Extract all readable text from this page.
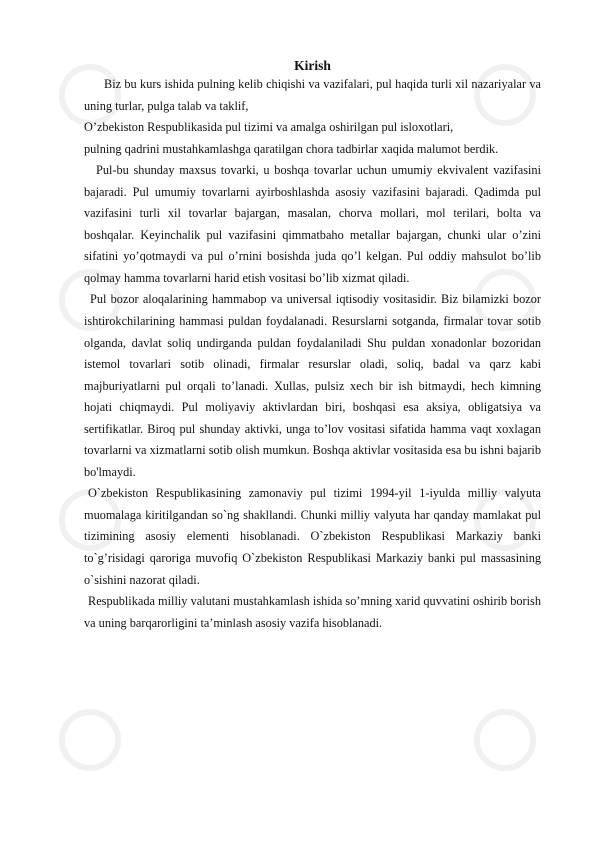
Kirish

Biz bu kurs ishida pulning kelib chiqishi va vazifalari, pul haqida turli xil nazariyalar va uning turlar, pulga talab va taklif,

O’zbekiston Respublikasida pul tizimi va amalga oshirilgan pul isloxotlari,

pulning qadrini mustahkamlashga qaratilgan chora tadbirlar xaqida malumot berdik.

Pul-bu shunday maxsus tovarki, u boshqa tovarlar uchun umumiy ekvivalent vazifasini bajaradi. Pul umumiy tovarlarni ayirboshlashda asosiy vazifasini bajaradi. Qadimda pul vazifasini turli xil tovarlar bajargan, masalan, chorva mollari, mol terilari, bolta va boshqalar. Keyinchalik pul vazifasini qimmatbaho metallar bajargan, chunki ular o’zini sifatini yo’qotmaydi va pul o’rnini bosishda juda qo’l kelgan. Pul oddiy mahsulot bo’lib qolmay hamma tovarlarni harid etish vositasi bo’lib xizmat qiladi.

Pul bozor aloqalarining hammabop va universal iqtisodiy vositasidir. Biz bilamizki bozor ishtirokchilarining hammasi puldan foydalanadi. Resurslarni sotganda, firmalar tovar sotib olganda, davlat soliq undirganda puldan foydalaniladi Shu puldan xonadonlar bozoridan istemol tovarlari sotib olinadi, firmalar resurslar oladi, soliq, badal va qarz kabi majburiyatlarni pul orqali to’lanadi. Xullas, pulsiz xech bir ish bitmaydi, hech kimning hojati chiqmaydi. Pul moliyaviy aktivlardan biri, boshqasi esa aksiya, obligatsiya va sertifikatlar. Biroq pul shunday aktivki, unga to’lov vositasi sifatida hamma vaqt xoxlagan tovarlarni va xizmatlarni sotib olish mumkun. Boshqa aktivlar vositasida esa bu ishni bajarib bo'lmaydi.

O`zbekiston Respublikasining zamonaviy pul tizimi 1994-yil 1-iyulda milliy valyuta muomalaga kiritilgandan so`ng shakllandi. Chunki milliy valyuta har qanday mamlakat pul tizimining asosiy elementi hisoblanadi. O`zbekiston Respublikasi Markaziy banki to`g’risidagi qaroriga muvofiq O`zbekiston Respublikasi Markaziy banki pul massasining o`sishini nazorat qiladi.

Respublikada milliy valutani mustahkamlash ishida so’mning xarid quvvatini oshirib borish va uning barqarorligini ta’minlash asosiy vazifa hisoblanadi.
